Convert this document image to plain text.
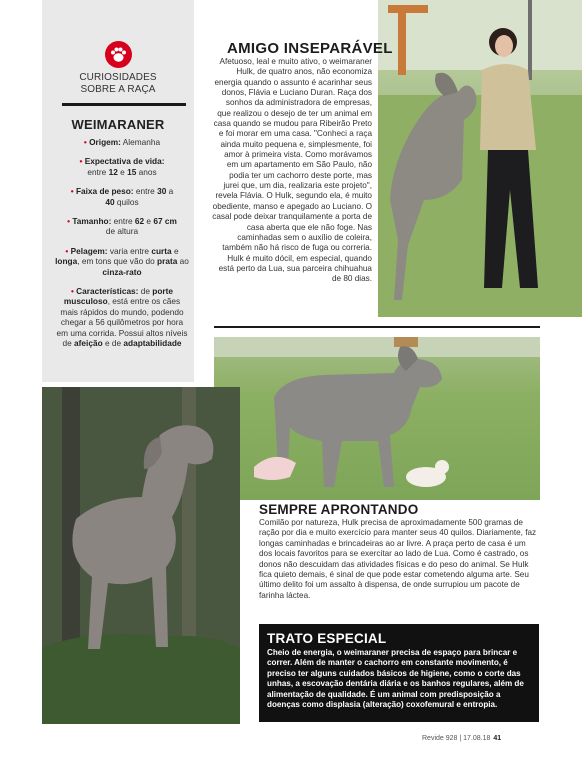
CURIOSIDADES
SOBRE A RAÇA
WEIMARANER
• Origem: Alemanha
• Expectativa de vida:
entre 12 e 15 anos
• Faixa de peso: entre 30 a
40 quilos
• Tamanho: entre 62 e 67 cm
de altura
• Pelagem: varia entre curta e longa, em tons que vão do prata ao cinza-rato
• Características: de porte musculoso, está entre os cães mais rápidos do mundo, podendo chegar a 56 quilômetros por hora em uma corrida. Possui altos níveis de afeição e de adaptabilidade
AMIGO INSEPARÁVEL
Afetuoso, leal e muito ativo, o weimaraner Hulk, de quatro anos, não economiza energia quando o assunto é acarinhar seus donos, Flávia e Luciano Duran. Raça dos sonhos da administradora de empresas, que realizou o desejo de ter um animal em casa quando se mudou para Ribeirão Preto e foi morar em uma casa. "Conheci a raça ainda muito pequena e, simplesmente, foi amor à primeira vista. Como morávamos em um apartamento em São Paulo, não podia ter um cachorro deste porte, mas jurei que, um dia, realizaria este projeto", revela Flávia. O Hulk, segundo ela, é muito obediente, manso e apegado ao Luciano. O casal pode deixar tranquilamente a porta de casa aberta que ele não foge. Nas caminhadas sem o auxílio de coleira, também não há risco de fuga ou correria. Hulk é muito dócil, em especial, quando está perto da Lua, sua parceira chihuahua de 80 dias.
SEMPRE APRONTANDO
Comilão por natureza, Hulk precisa de aproximadamente 500 gramas de ração por dia e muito exercício para manter seus 40 quilos. Diariamente, faz longas caminhadas e brincadeiras ao ar livre. A praça perto de casa é um dos locais favoritos para se exercitar ao lado de Lua. Como é castrado, os donos não descuidam das atividades físicas e do peso do animal. Se Hulk fica quieto demais, é sinal de que pode estar cometendo alguma arte. Seu último delito foi um assalto à dispensa, de onde surrupiou um pacote de farinha láctea.
TRATO ESPECIAL
Cheio de energia, o weimaraner precisa de espaço para brincar e correr. Além de manter o cachorro em constante movimento, é preciso ter alguns cuidados básicos de higiene, como o corte das unhas, a escovação dentária diária e os banhos regulares, além de alimentação de qualidade. É um animal com predisposição a doenças como displasia (alteração) coxofemural e entropia.
Revide 928 | 17.08.18 41
